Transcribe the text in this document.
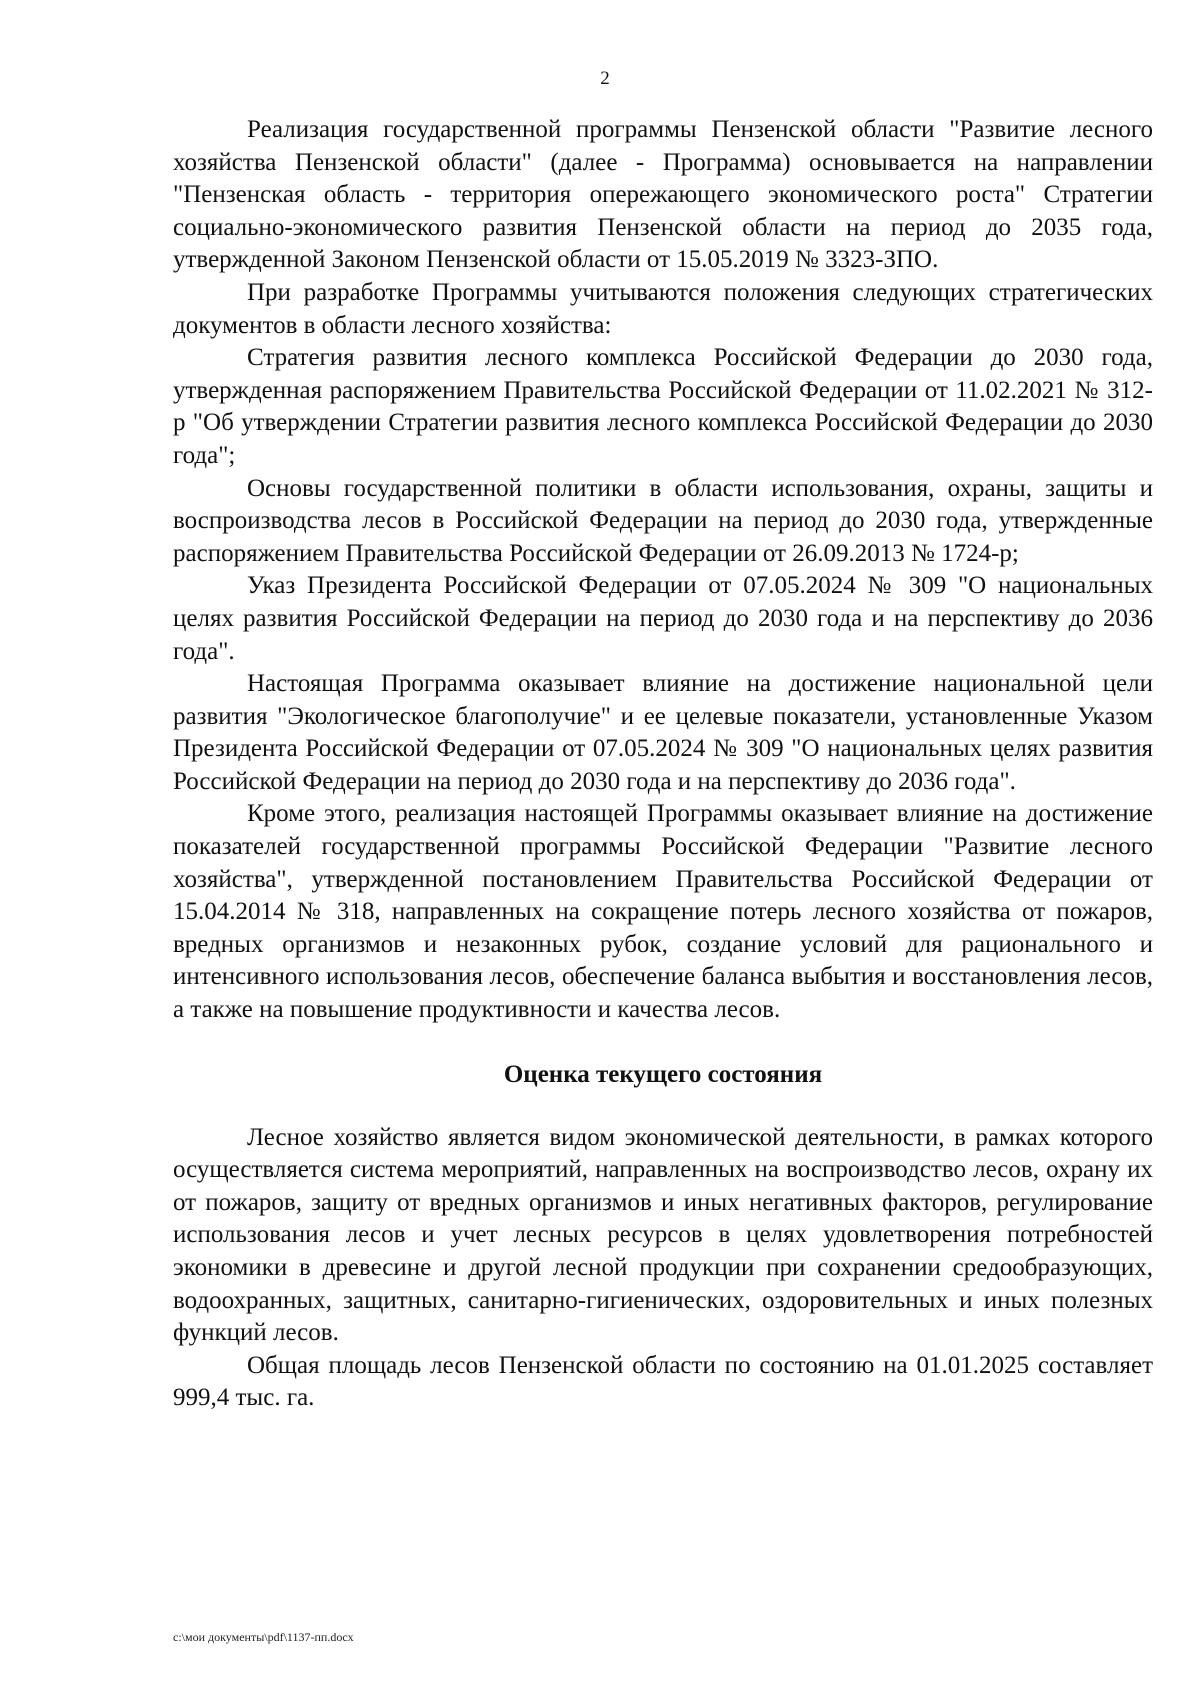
2

Реализация государственной программы Пензенской области "Развитие лесного хозяйства Пензенской области" (далее - Программа) основывается на направлении "Пензенская область - территория опережающего экономического роста" Стратегии социально-экономического развития Пензенской области на период до 2035 года, утвержденной Законом Пензенской области от 15.05.2019 № 3323-ЗПО.

При разработке Программы учитываются положения следующих стратегических документов в области лесного хозяйства:

Стратегия развития лесного комплекса Российской Федерации до 2030 года, утвержденная распоряжением Правительства Российской Федерации от 11.02.2021 № 312-р "Об утверждении Стратегии развития лесного комплекса Российской Федерации до 2030 года";

Основы государственной политики в области использования, охраны, защиты и воспроизводства лесов в Российской Федерации на период до 2030 года, утвержденные распоряжением Правительства Российской Федерации от 26.09.2013 № 1724-р;

Указ Президента Российской Федерации от 07.05.2024 № 309 "О национальных целях развития Российской Федерации на период до 2030 года и на перспективу до 2036 года".

Настоящая Программа оказывает влияние на достижение национальной цели развития "Экологическое благополучие" и ее целевые показатели, установленные Указом Президента Российской Федерации от 07.05.2024 № 309 "О национальных целях развития Российской Федерации на период до 2030 года и на перспективу до 2036 года".

Кроме этого, реализация настоящей Программы оказывает влияние на достижение показателей государственной программы Российской Федерации "Развитие лесного хозяйства", утвержденной постановлением Правительства Российской Федерации от 15.04.2014 № 318, направленных на сокращение потерь лесного хозяйства от пожаров, вредных организмов и незаконных рубок, создание условий для рационального и интенсивного использования лесов, обеспечение баланса выбытия и восстановления лесов, а также на повышение продуктивности и качества лесов.

Оценка текущего состояния

Лесное хозяйство является видом экономической деятельности, в рамках которого осуществляется система мероприятий, направленных на воспроизводство лесов, охрану их от пожаров, защиту от вредных организмов и иных негативных факторов, регулирование использования лесов и учет лесных ресурсов в целях удовлетворения потребностей экономики в древесине и другой лесной продукции при сохранении средообразующих, водоохранных, защитных, санитарно-гигиенических, оздоровительных и иных полезных функций лесов.

Общая площадь лесов Пензенской области по состоянию на 01.01.2025 составляет 999,4 тыс. га.

c:\мои документы\pdf\1137-пп.docx
